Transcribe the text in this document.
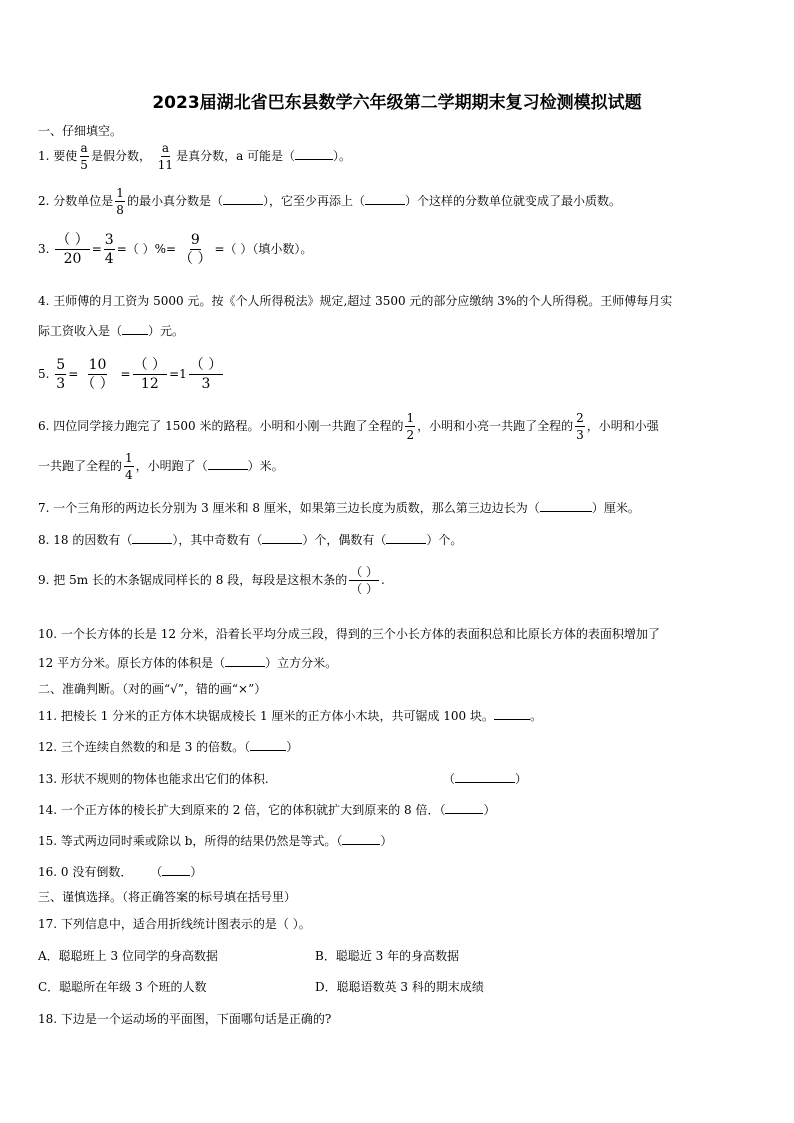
2023届湖北省巴东县数学六年级第二学期期末复习检测模拟试题
一、仔细填空。
1. 要使 $\frac{a}{5}$ 是假分数， $\frac{a}{11}$ 是真分数，a 可能是（	）。
2. 分数单位是 $\frac{1}{8}$ 的最小真分数是（	），它至少再添上（	）个这样的分数单位就变成了最小质数。
3. $\frac{( )}{20} = \frac{3}{4}$ =（ ）%= $\frac{9}{( )}$ =（ ）（填小数）。
4. 王师傅的月工资为 5000 元。按《个人所得税法》规定,超过 3500 元的部分应缴纳 3%的个人所得税。王师傅每月实
际工资收入是（ ）元。
5. $\frac{5}{3} = \frac{10}{( )} = \frac{( )}{12} =1 \frac{( )}{3}$
6. 四位同学接力跑完了 1500 米的路程。小明和小刚一共跑了全程的 $\frac{1}{2}$ ，小明和小亮一共跑了全程的 $\frac{2}{3}$ ，小明和小强
一共跑了全程的 $\frac{1}{4}$ ，小明跑了（	）米。
7. 一个三角形的两边长分别为 3 厘米和 8 厘米，如果第三边长度为质数，那么第三边边长为（	）厘米。
8. 18 的因数有（	），其中奇数有（	）个，偶数有（	）个。
9. 把 5m 长的木条锯成同样长的 8 段，每段是这根木条的 $\frac{( )}{( )}$ .
10. 一个长方体的长是 12 分米，沿着长平均分成三段，得到的三个小长方体的表面积总和比原长方体的表面积增加了
12 平方分米。原长方体的体积是（	）立方分米。
二、准确判断。（对的画“√”，错的画“×”）
11. 把棱长 1 分米的正方体木块锯成棱长 1 厘米的正方体小木块，共可锯成 100 块。	。
12. 三个连续自然数的和是 3 的倍数。（	）
13. 形状不规则的物体也能求出它们的体积.	（	）
14. 一个正方体的棱长扩大到原来的 2 倍，它的体积就扩大到原来的 8 倍．（	）
15. 等式两边同时乘或除以 b，所得的结果仍然是等式。（	）
16. 0 没有倒数． （ ）
三、谨慎选择。（将正确答案的标号填在括号里）
17. 下列信息中，适合用折线统计图表示的是（ ）。
A．聪聪班上 3 位同学的身高数据	B．聪聪近 3 年的身高数据
C．聪聪所在年级 3 个班的人数	D．聪聪语数英 3 科的期末成绩
18. 下边是一个运动场的平面图，下面哪句话是正确的?
